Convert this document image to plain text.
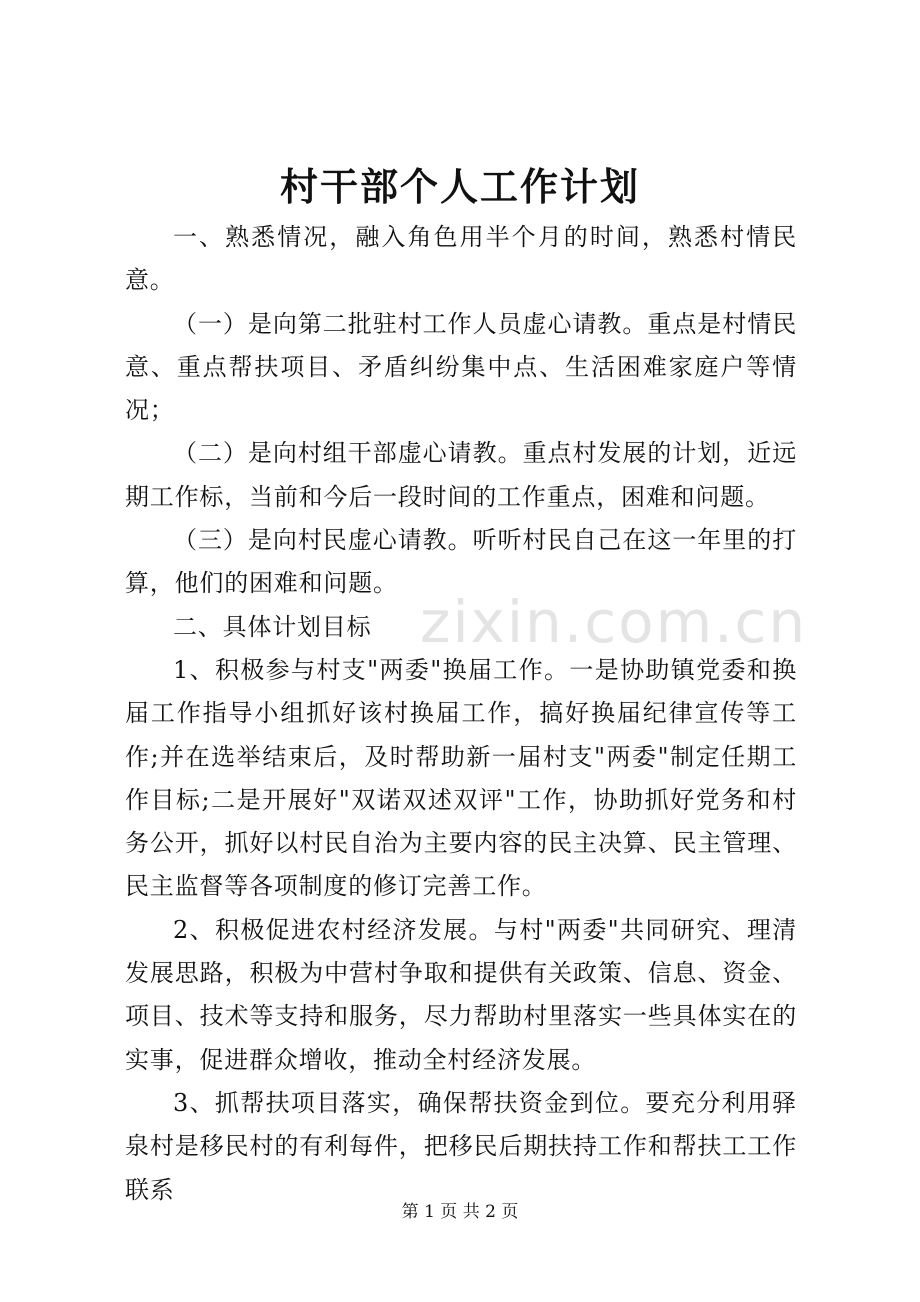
zixin.com.cn
村干部个人工作计划

一、熟悉情况，融入角色用半个月的时间，熟悉村情民意。

（一）是向第二批驻村工作人员虚心请教。重点是村情民意、重点帮扶项目、矛盾纠纷集中点、生活困难家庭户等情况；

（二）是向村组干部虚心请教。重点村发展的计划，近远期工作标，当前和今后一段时间的工作重点，困难和问题。

（三）是向村民虚心请教。听听村民自己在这一年里的打算，他们的困难和问题。

二、具体计划目标

1、积极参与村支"两委"换届工作。一是协助镇党委和换届工作指导小组抓好该村换届工作，搞好换届纪律宣传等工作;并在选举结束后，及时帮助新一届村支"两委"制定任期工作目标;二是开展好"双诺双述双评"工作，协助抓好党务和村务公开，抓好以村民自治为主要内容的民主决算、民主管理、民主监督等各项制度的修订完善工作。

2、积极促进农村经济发展。与村"两委"共同研究、理清发展思路，积极为中营村争取和提供有关政策、信息、资金、项目、技术等支持和服务，尽力帮助村里落实一些具体实在的实事，促进群众增收，推动全村经济发展。

3、抓帮扶项目落实，确保帮扶资金到位。要充分利用驿泉村是移民村的有利每件，把移民后期扶持工作和帮扶工工作联系

第 1 页 共 2 页
